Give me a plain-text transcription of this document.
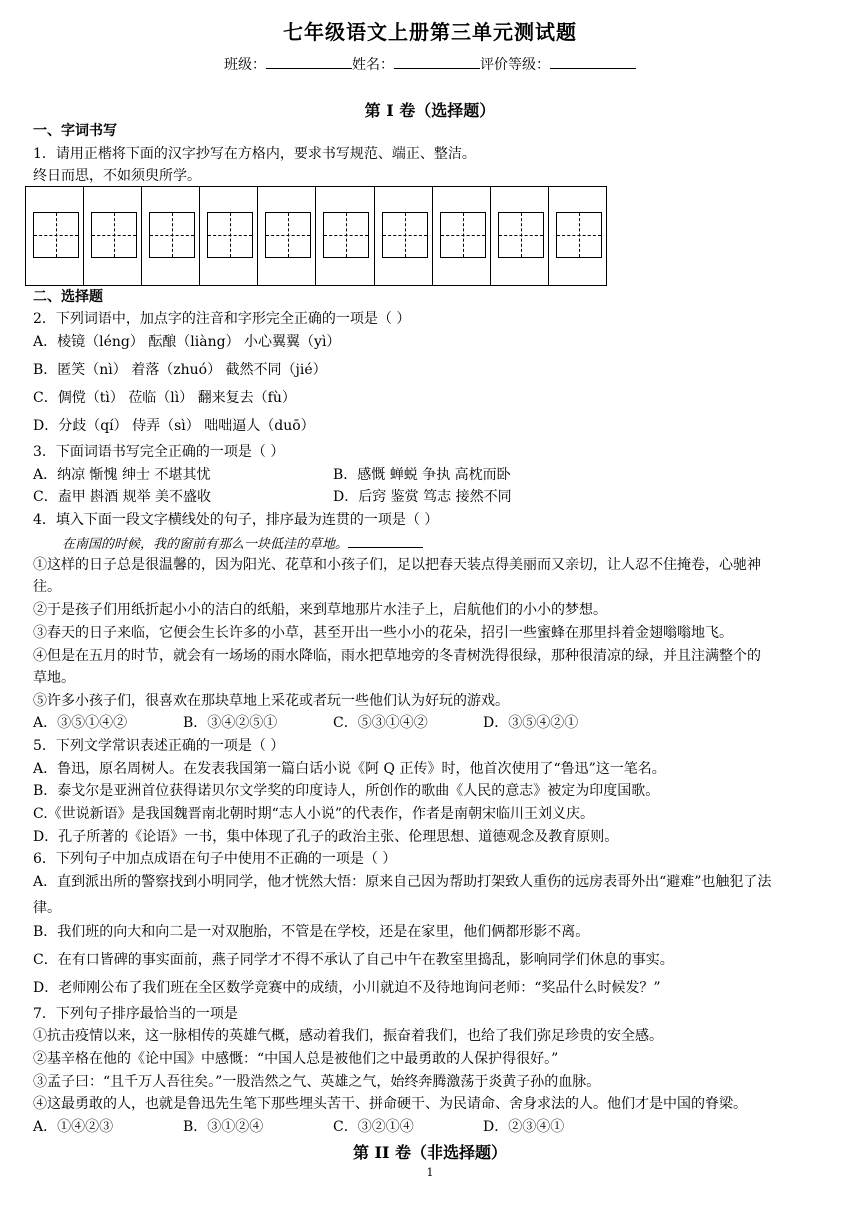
七年级语文上册第三单元测试题
班级：	姓名：	评价等级：
第 I 卷（选择题）
一、字词书写
1．请用正楷将下面的汉字抄写在方格内，要求书写规范、端正、整洁。
终日而思，不如须臾所学。
二、选择题
2．下列词语中，加点字的注音和字形完全正确的一项是（ ）
A．棱镜（léng） 酝酿（liàng） 小心翼翼（yì）
B．匿笑（nì） 着落（zhuó） 截然不同（jié）
C．倜傥（tì） 莅临（lì） 翻来复去（fù）
D．分歧（qí） 侍弄（sì） 咄咄逼人（duō）
3．下面词语书写完全正确的一项是（ ）
A．纳凉 惭愧 绅士 不堪其忧	B．感慨 蝉蜕 争执 高枕而卧
C．盍甲 斟酒 规举 美不盛收	D．后窍 鉴赏 笃志 接然不同
4．填入下面一段文字横线处的句子，排序最为连贯的一项是（ ）
在南国的时候，我的窗前有那么一块低洼的草地。
①这样的日子总是很温馨的，因为阳光、花草和小孩子们，足以把春天装点得美丽而又亲切，让人忍不住掩卷，心驰神
往。
②于是孩子们用纸折起小小的洁白的纸船，来到草地那片水洼子上，启航他们的小小的梦想。
③春天的日子来临，它便会生长许多的小草，甚至开出一些小小的花朵，招引一些蜜蜂在那里抖着金翅嗡嗡地飞。
④但是在五月的时节，就会有一场场的雨水降临，雨水把草地旁的冬青树洗得很绿，那种很清凉的绿，并且注满整个的
草地。
⑤许多小孩子们，很喜欢在那块草地上采花或者玩一些他们认为好玩的游戏。
A．③⑤①④②	B．③④②⑤①	C．⑤③①④②	D．③⑤④②①
5．下列文学常识表述正确的一项是（ ）
A．鲁迅，原名周树人。在发表我国第一篇白话小说《阿 Q 正传》时，他首次使用了“鲁迅”这一笔名。
B．泰戈尔是亚洲首位获得诺贝尔文学奖的印度诗人，所创作的歌曲《人民的意志》被定为印度国歌。
C.《世说新语》是我国魏晋南北朝时期“志人小说”的代表作，作者是南朝宋临川王刘义庆。
D．孔子所著的《论语》一书，集中体现了孔子的政治主张、伦理思想、道德观念及教育原则。
6．下列句子中加点成语在句子中使用不正确的一项是（ ）
A．直到派出所的警察找到小明同学，他才恍然大悟：原来自己因为帮助打架致人重伤的远房表哥外出“避难”也触犯了法
律。
B．我们班的向大和向二是一对双胞胎，不管是在学校，还是在家里，他们俩都形影不离。
C．在有口皆碑的事实面前，燕子同学才不得不承认了自己中午在教室里捣乱，影响同学们休息的事实。
D．老师刚公布了我们班在全区数学竞赛中的成绩，小川就迫不及待地询问老师：“奖品什么时候发？”
7．下列句子排序最恰当的一项是
①抗击疫情以来，这一脉相传的英雄气概，感动着我们，振奋着我们，也给了我们弥足珍贵的安全感。
②基辛格在他的《论中国》中感慨：“中国人总是被他们之中最勇敢的人保护得很好。”
③孟子曰：“且千万人吾往矣。”一股浩然之气、英雄之气，始终奔腾激荡于炎黄子孙的血脉。
④这最勇敢的人，也就是鲁迅先生笔下那些埋头苦干、拼命硬干、为民请命、舍身求法的人。他们才是中国的脊梁。
A．①④②③	B．③①②④	C．③②①④	D．②③④①
第 II 卷（非选择题）
1
